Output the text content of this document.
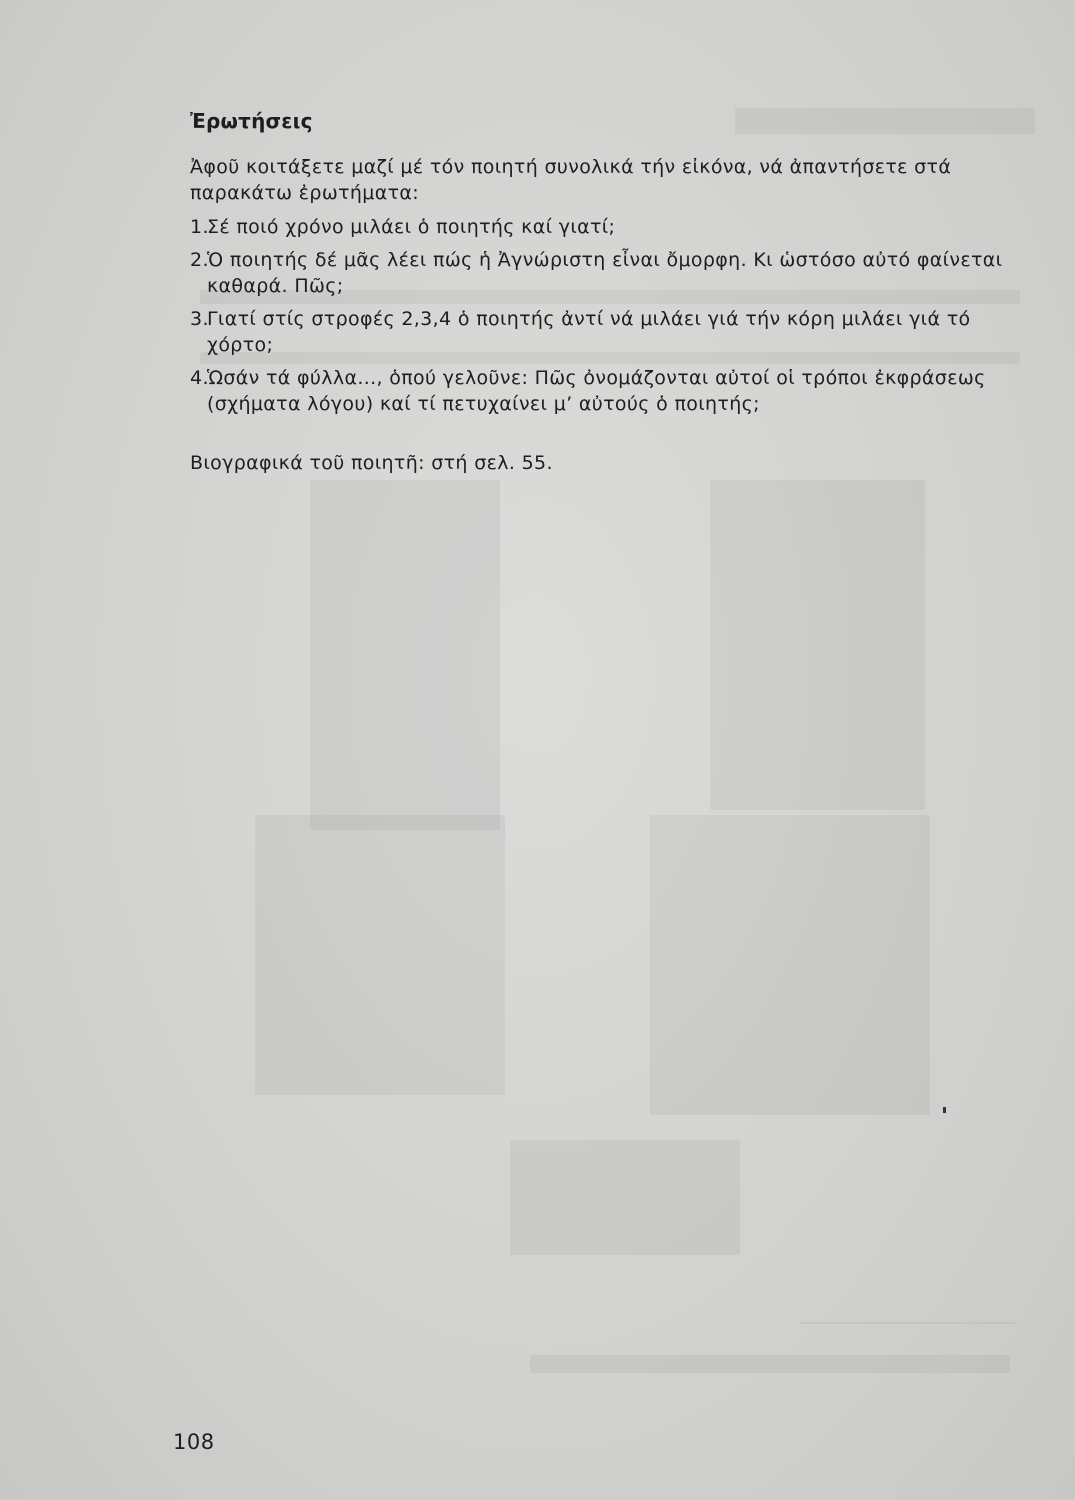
Ἐρωτήσεις
Ἀφοῦ κοιτάξετε μαζί μέ τόν ποιητή συνολικά τήν εἰκόνα, νά ἀπαντήσετε στά παρακάτω ἐρωτήματα:
1.
Σέ ποιό χρόνο μιλάει ὁ ποιητής καί γιατί;
2.
Ὁ ποιητής δέ μᾶς λέει πώς ἡ Ἀγνώριστη εἶναι ὄμορφη. Κι ὡστόσο αὐτό φαίνεται καθαρά. Πῶς;
3.
Γιατί στίς στροφές 2,3,4 ὁ ποιητής ἀντί νά μιλάει γιά τήν κόρη μιλάει γιά τό χόρτο;
4.
Ὡσάν τά φύλλα..., ὁπού γελοῦνε: Πῶς ὀνομάζονται αὐτοί οἱ τρόποι ἐκφράσεως (σχήματα λόγου) καί τί πετυχαίνει μ’ αὐτούς ὁ ποιητής;
Βιογραφικά τοῦ ποιητῆ: στή σελ. 55.
108
